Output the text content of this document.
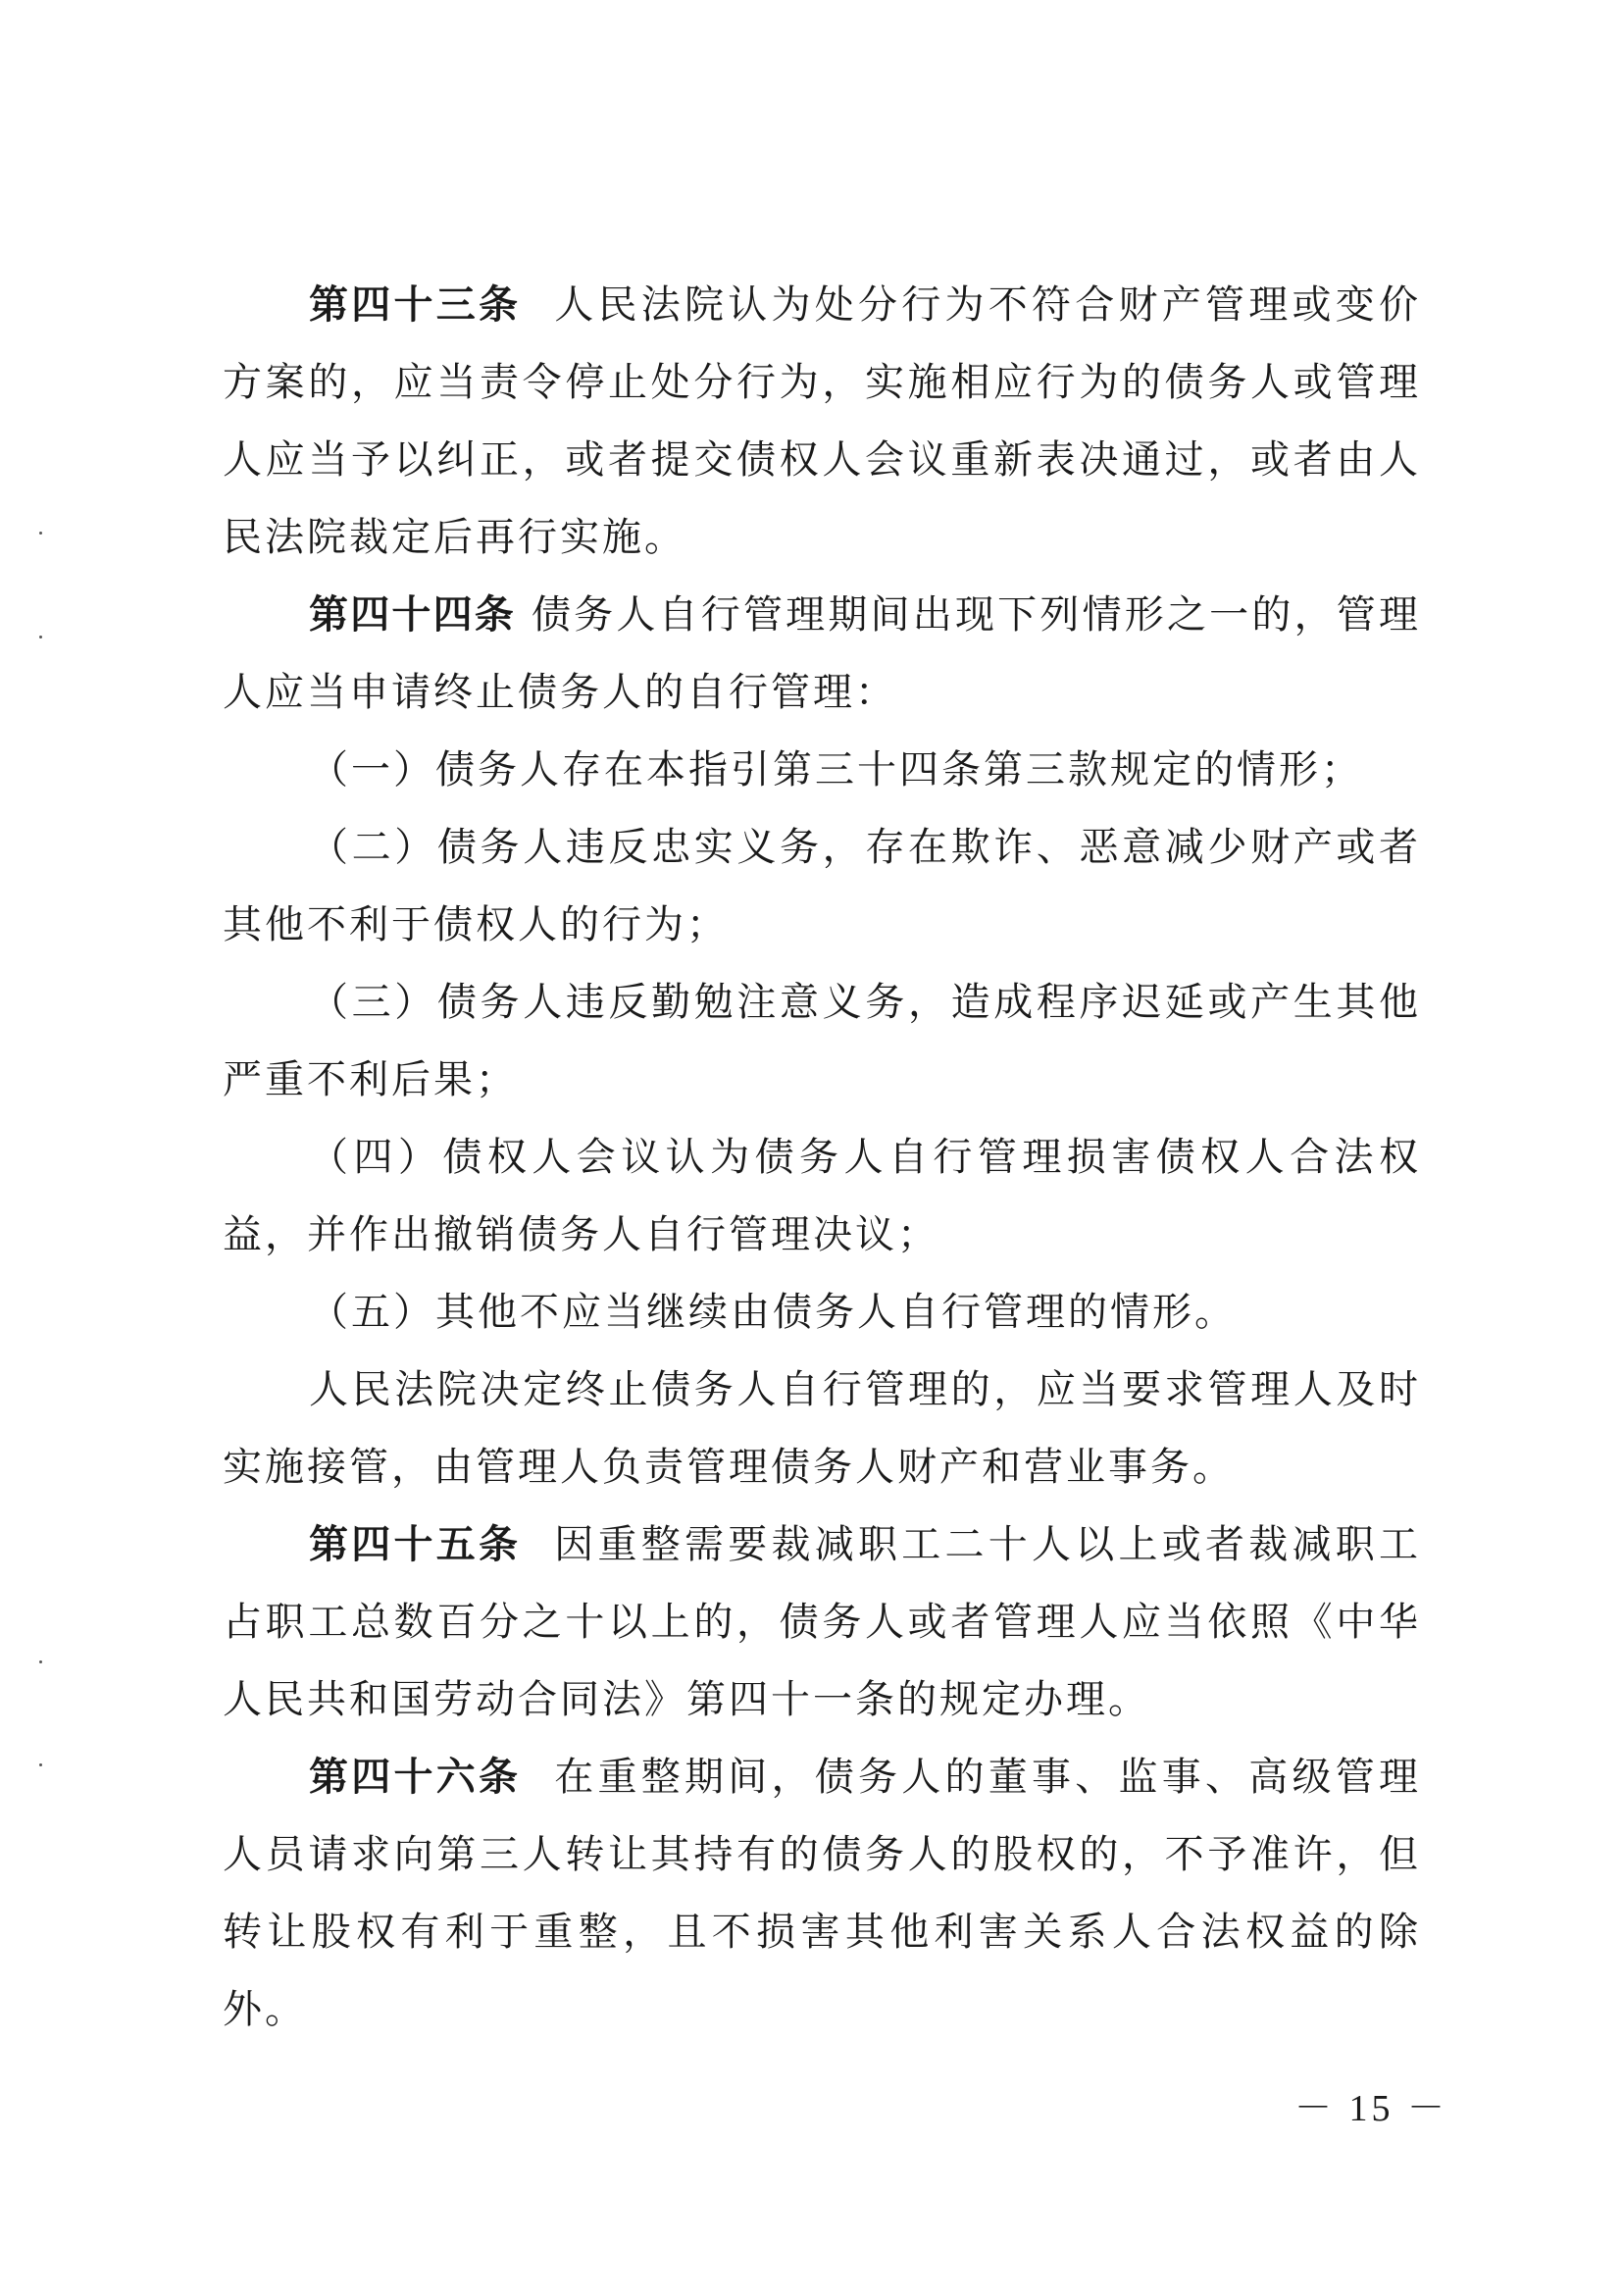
第四十三条 人民法院认为处分行为不符合财产管理或变价方案的，应当责令停止处分行为，实施相应行为的债务人或管理人应当予以纠正，或者提交债权人会议重新表决通过，或者由人民法院裁定后再行实施。

第四十四条 债务人自行管理期间出现下列情形之一的，管理人应当申请终止债务人的自行管理：

（一）债务人存在本指引第三十四条第三款规定的情形；

（二）债务人违反忠实义务，存在欺诈、恶意减少财产或者其他不利于债权人的行为；

（三）债务人违反勤勉注意义务，造成程序迟延或产生其他严重不利后果；

（四）债权人会议认为债务人自行管理损害债权人合法权益，并作出撤销债务人自行管理决议；

（五）其他不应当继续由债务人自行管理的情形。

人民法院决定终止债务人自行管理的，应当要求管理人及时实施接管，由管理人负责管理债务人财产和营业事务。

第四十五条 因重整需要裁减职工二十人以上或者裁减职工占职工总数百分之十以上的，债务人或者管理人应当依照《中华人民共和国劳动合同法》第四十一条的规定办理。

第四十六条 在重整期间，债务人的董事、监事、高级管理人员请求向第三人转让其持有的债务人的股权的，不予准许，但转让股权有利于重整，且不损害其他利害关系人合法权益的除外。

－ 15 －
